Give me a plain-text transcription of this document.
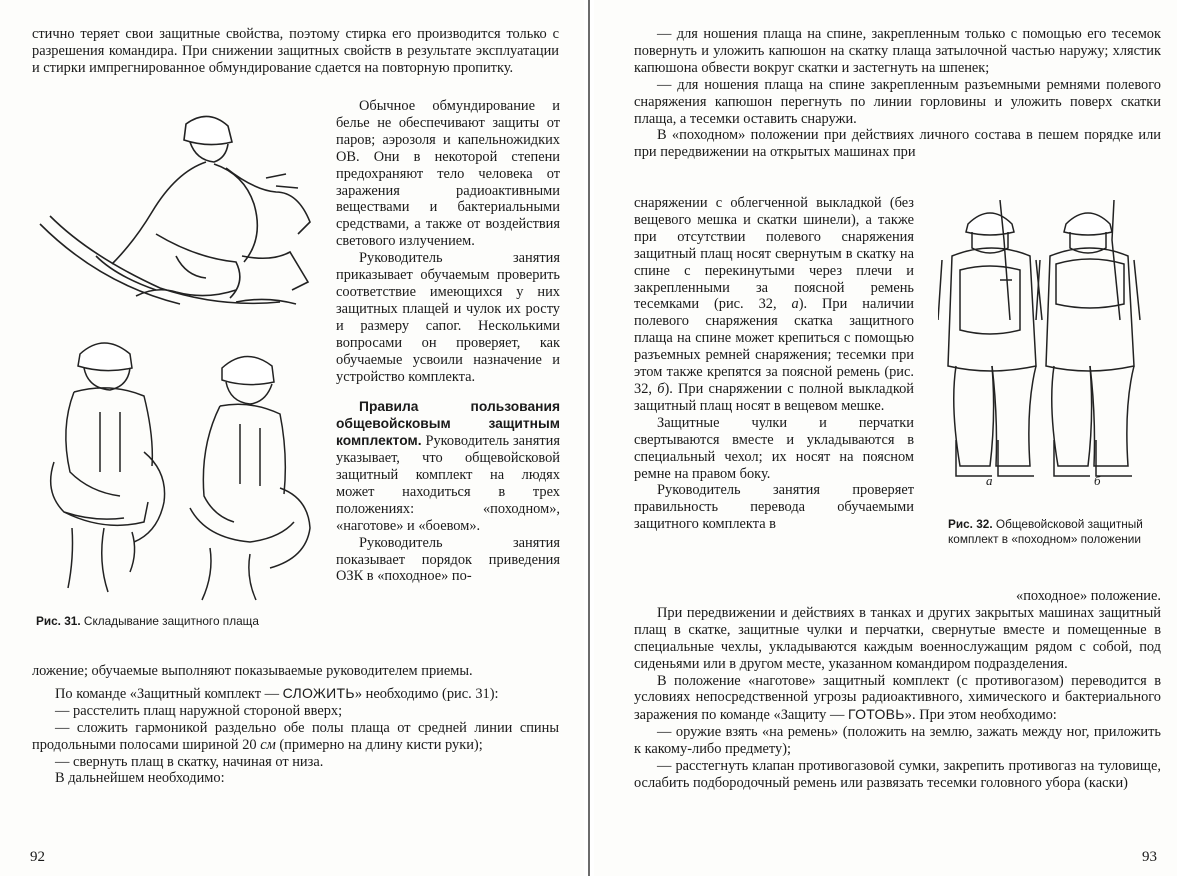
стично теряет свои защитные свойства, поэтому стирка его производится только с разрешения командира. При снижении защитных свойств в результате эксплуатации и стирки импрегнированное обмундирование сдается на повторную пропитку.

Рис. 31. Складывание защитного плаща

Обычное обмундирование и белье не обеспечивают защиты от паров; аэрозоля и капельножидких ОВ. Они в некоторой степени предохраняют тело человека от заражения радиоактивными веществами и бактериальными средствами, а также от воздействия светового излучением.

Руководитель занятия приказывает обучаемым проверить соответствие имеющихся у них защитных плащей и чулок их росту и размеру сапог. Несколькими вопросами он проверяет, как обучаемые усвоили назначение и устройство комплекта.

Правила пользования общевойсковым защитным комплектом. Руководитель занятия указывает, что общевойсковой защитный комплект на людях может находиться в трех положениях: «походном», «наготове» и «боевом».

Руководитель занятия показывает порядок приведения ОЗК в «походное» по-

ложение; обучаемые выполняют показываемые руководителем приемы.

По команде «Защитный комплект — СЛОЖИТЬ» необходимо (рис. 31):

— расстелить плащ наружной стороной вверх;

— сложить гармоникой раздельно обе полы плаща от средней линии спины продольными полосами шириной 20 см (примерно на длину кисти руки);

— свернуть плащ в скатку, начиная от низа.

В дальнейшем необходимо:

92

— для ношения плаща на спине, закрепленным только с помощью его тесемок повернуть и уложить капюшон на скатку плаща затылочной частью наружу; хлястик капюшона обвести вокруг скатки и застегнуть на шпенек;

— для ношения плаща на спине закрепленным разъемными ремнями полевого снаряжения капюшон перегнуть по линии горловины и уложить поверх скатки плаща, а тесемки оставить снаружи.

В «походном» положении при действиях личного состава в пешем порядке или при передвижении на открытых машинах при

снаряжении с облегченной выкладкой (без вещевого мешка и скатки шинели), а также при отсутствии полевого снаряжения защитный плащ носят свернутым в скатку на спине с перекинутыми через плечи и закрепленными за поясной ремень тесемками (рис. 32, а). При наличии полевого снаряжения скатка защитного плаща на спине может крепиться с помощью разъемных ремней снаряжения; тесемки при этом также крепятся за поясной ремень (рис. 32, б). При снаряжении с полной выкладкой защитный плащ носят в вещевом мешке.

Защитные чулки и перчатки свертываются вместе и укладываются в специальный чехол; их носят на поясном ремне на правом боку.

Руководитель занятия проверяет правильность перевода обучаемыми защитного комплекта в

а	б

Рис. 32. Общевойсковой защитный комплект в «походном» положении

«походное» положение.

При передвижении и действиях в танках и других закрытых машинах защитный плащ в скатке, защитные чулки и перчатки, свернутые вместе и помещенные в специальные чехлы, укладываются каждым военнослужащим рядом с собой, под сиденьями или в другом месте, указанном командиром подразделения.

В положение «наготове» защитный комплект (с противогазом) переводится в условиях непосредственной угрозы радиоактивного, химического и бактериального заражения по команде «Защиту — ГОТОВЬ». При этом необходимо:

— оружие взять «на ремень» (положить на землю, зажать между ног, приложить к какому-либо предмету);

— расстегнуть клапан противогазовой сумки, закрепить противогаз на туловище, ослабить подбородочный ремень или развязать тесемки головного убора (каски)

93
